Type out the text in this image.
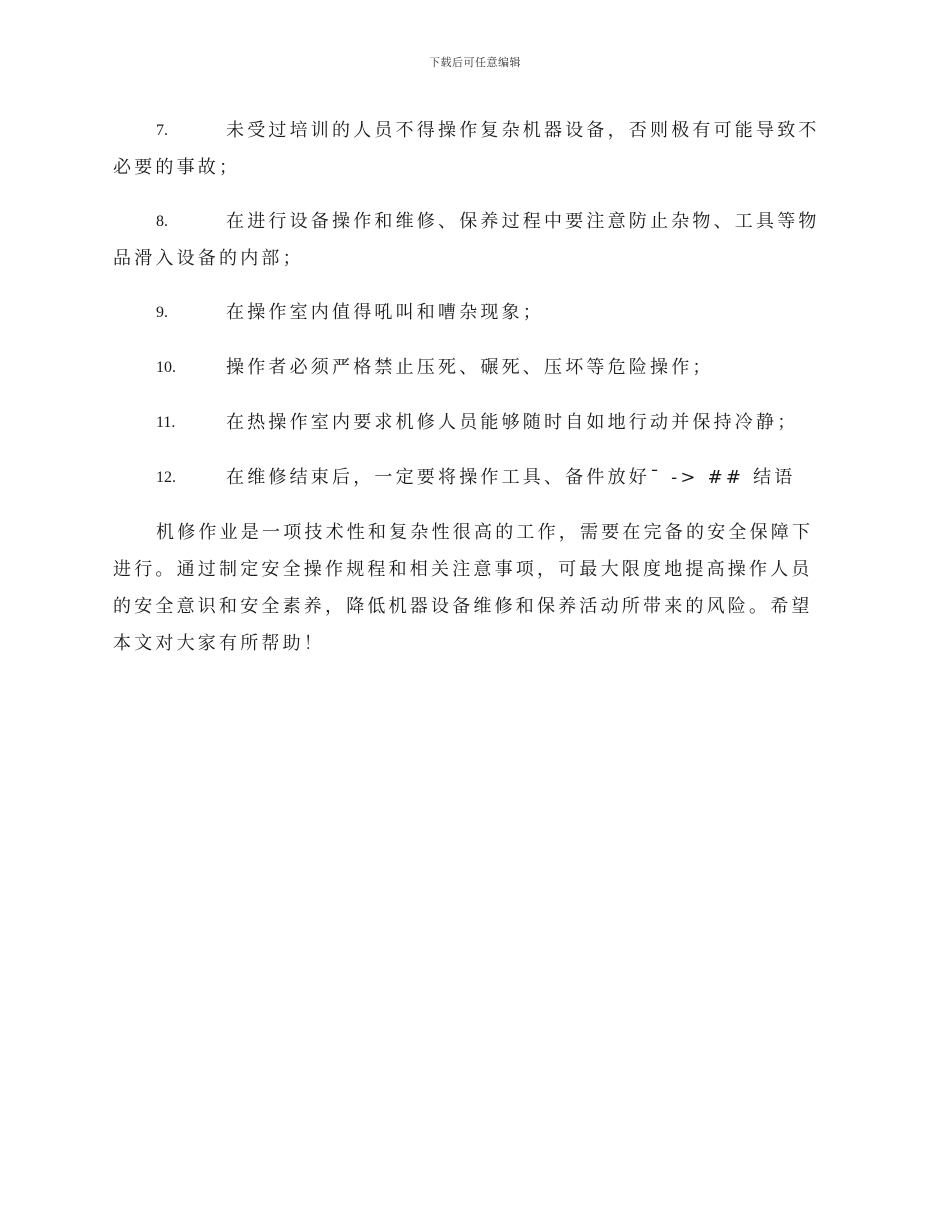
下载后可任意编辑
7.	未受过培训的人员不得操作复杂机器设备，否则极有可能导致不必要的事故；
8.	在进行设备操作和维修、保养过程中要注意防止杂物、工具等物品滑入设备的内部；
9.	在操作室内值得吼叫和嘈杂现象；
10.	操作者必须严格禁止压死、碾死、压坏等危险操作；
11.	在热操作室内要求机修人员能够随时自如地行动并保持冷静；
12.	在维修结束后，一定要将操作工具、备件放好ˉ -> ## 结语

机修作业是一项技术性和复杂性很高的工作，需要在完备的安全保障下进行。通过制定安全操作规程和相关注意事项，可最大限度地提高操作人员的安全意识和安全素养，降低机器设备维修和保养活动所带来的风险。希望本文对大家有所帮助！
